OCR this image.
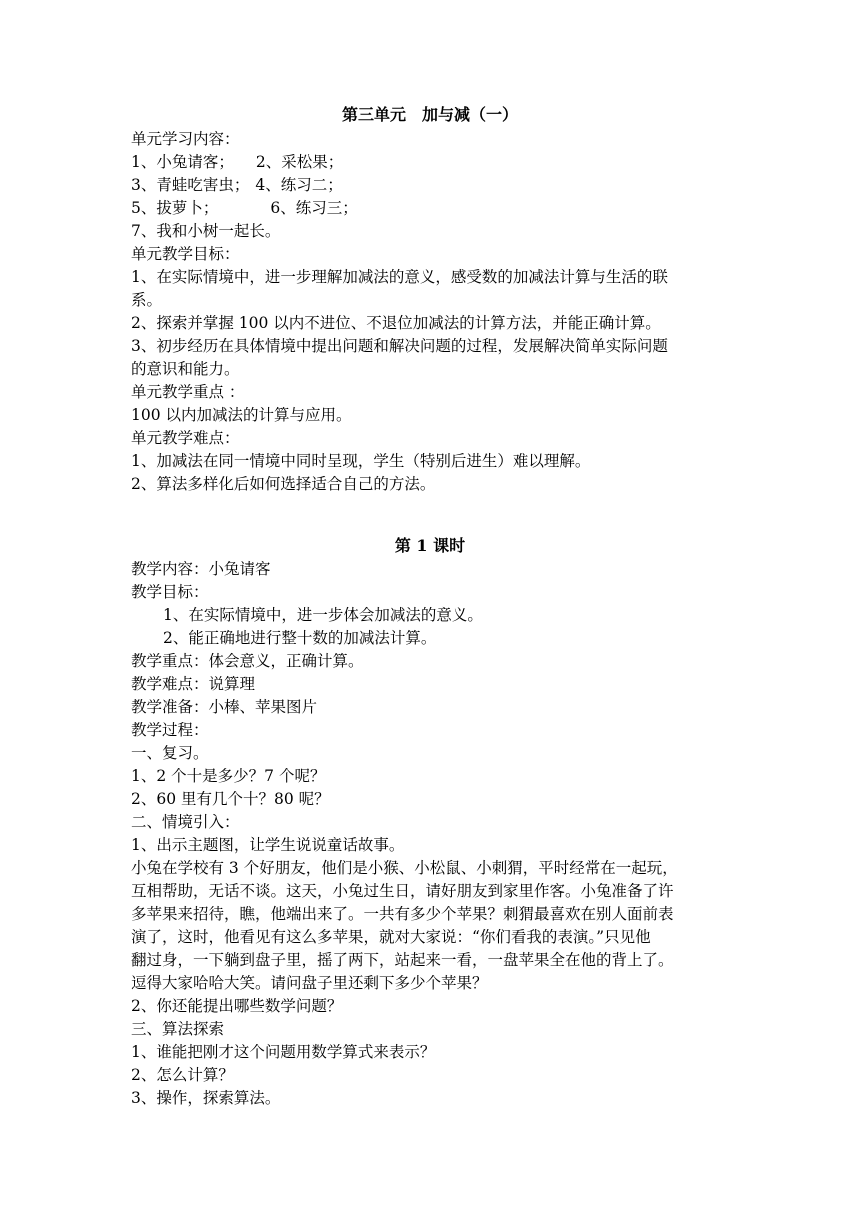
第三单元　加与减（一）
单元学习内容：
1、小兔请客； 2、采松果；
3、青蛙吃害虫； 4、练习二；
5、拔萝卜；	6、练习三；
7、我和小树一起长。
单元教学目标：
1、在实际情境中，进一步理解加减法的意义，感受数的加减法计算与生活的联
系。
2、探索并掌握 100 以内不进位、不退位加减法的计算方法，并能正确计算。
3、初步经历在具体情境中提出问题和解决问题的过程，发展解决简单实际问题
的意识和能力。
单元教学重点 ：
100 以内加减法的计算与应用。
单元教学难点：
1、加减法在同一情境中同时呈现，学生（特别后进生）难以理解。
2、算法多样化后如何选择适合自己的方法。
第 1 课时
教学内容：小兔请客
教学目标：
1、在实际情境中，进一步体会加减法的意义。
2、能正确地进行整十数的加减法计算。
教学重点：体会意义，正确计算。
教学难点：说算理
教学准备：小棒、苹果图片
教学过程：
一、复习。
1、2 个十是多少？7 个呢？
2、60 里有几个十？80 呢？
二、情境引入：
1、出示主题图，让学生说说童话故事。
小兔在学校有 3 个好朋友，他们是小猴、小松鼠、小刺猬，平时经常在一起玩，
互相帮助，无话不谈。这天，小兔过生日，请好朋友到家里作客。小兔准备了许
多苹果来招待，瞧，他端出来了。一共有多少个苹果？刺猬最喜欢在别人面前表
演了，这时，他看见有这么多苹果，就对大家说：“你们看我的表演。”只见他
翻过身，一下躺到盘子里，摇了两下，站起来一看，一盘苹果全在他的背上了。
逗得大家哈哈大笑。请问盘子里还剩下多少个苹果？
2、你还能提出哪些数学问题？
三、算法探索
1、谁能把刚才这个问题用数学算式来表示？
2、怎么计算？
3、操作，探索算法。
